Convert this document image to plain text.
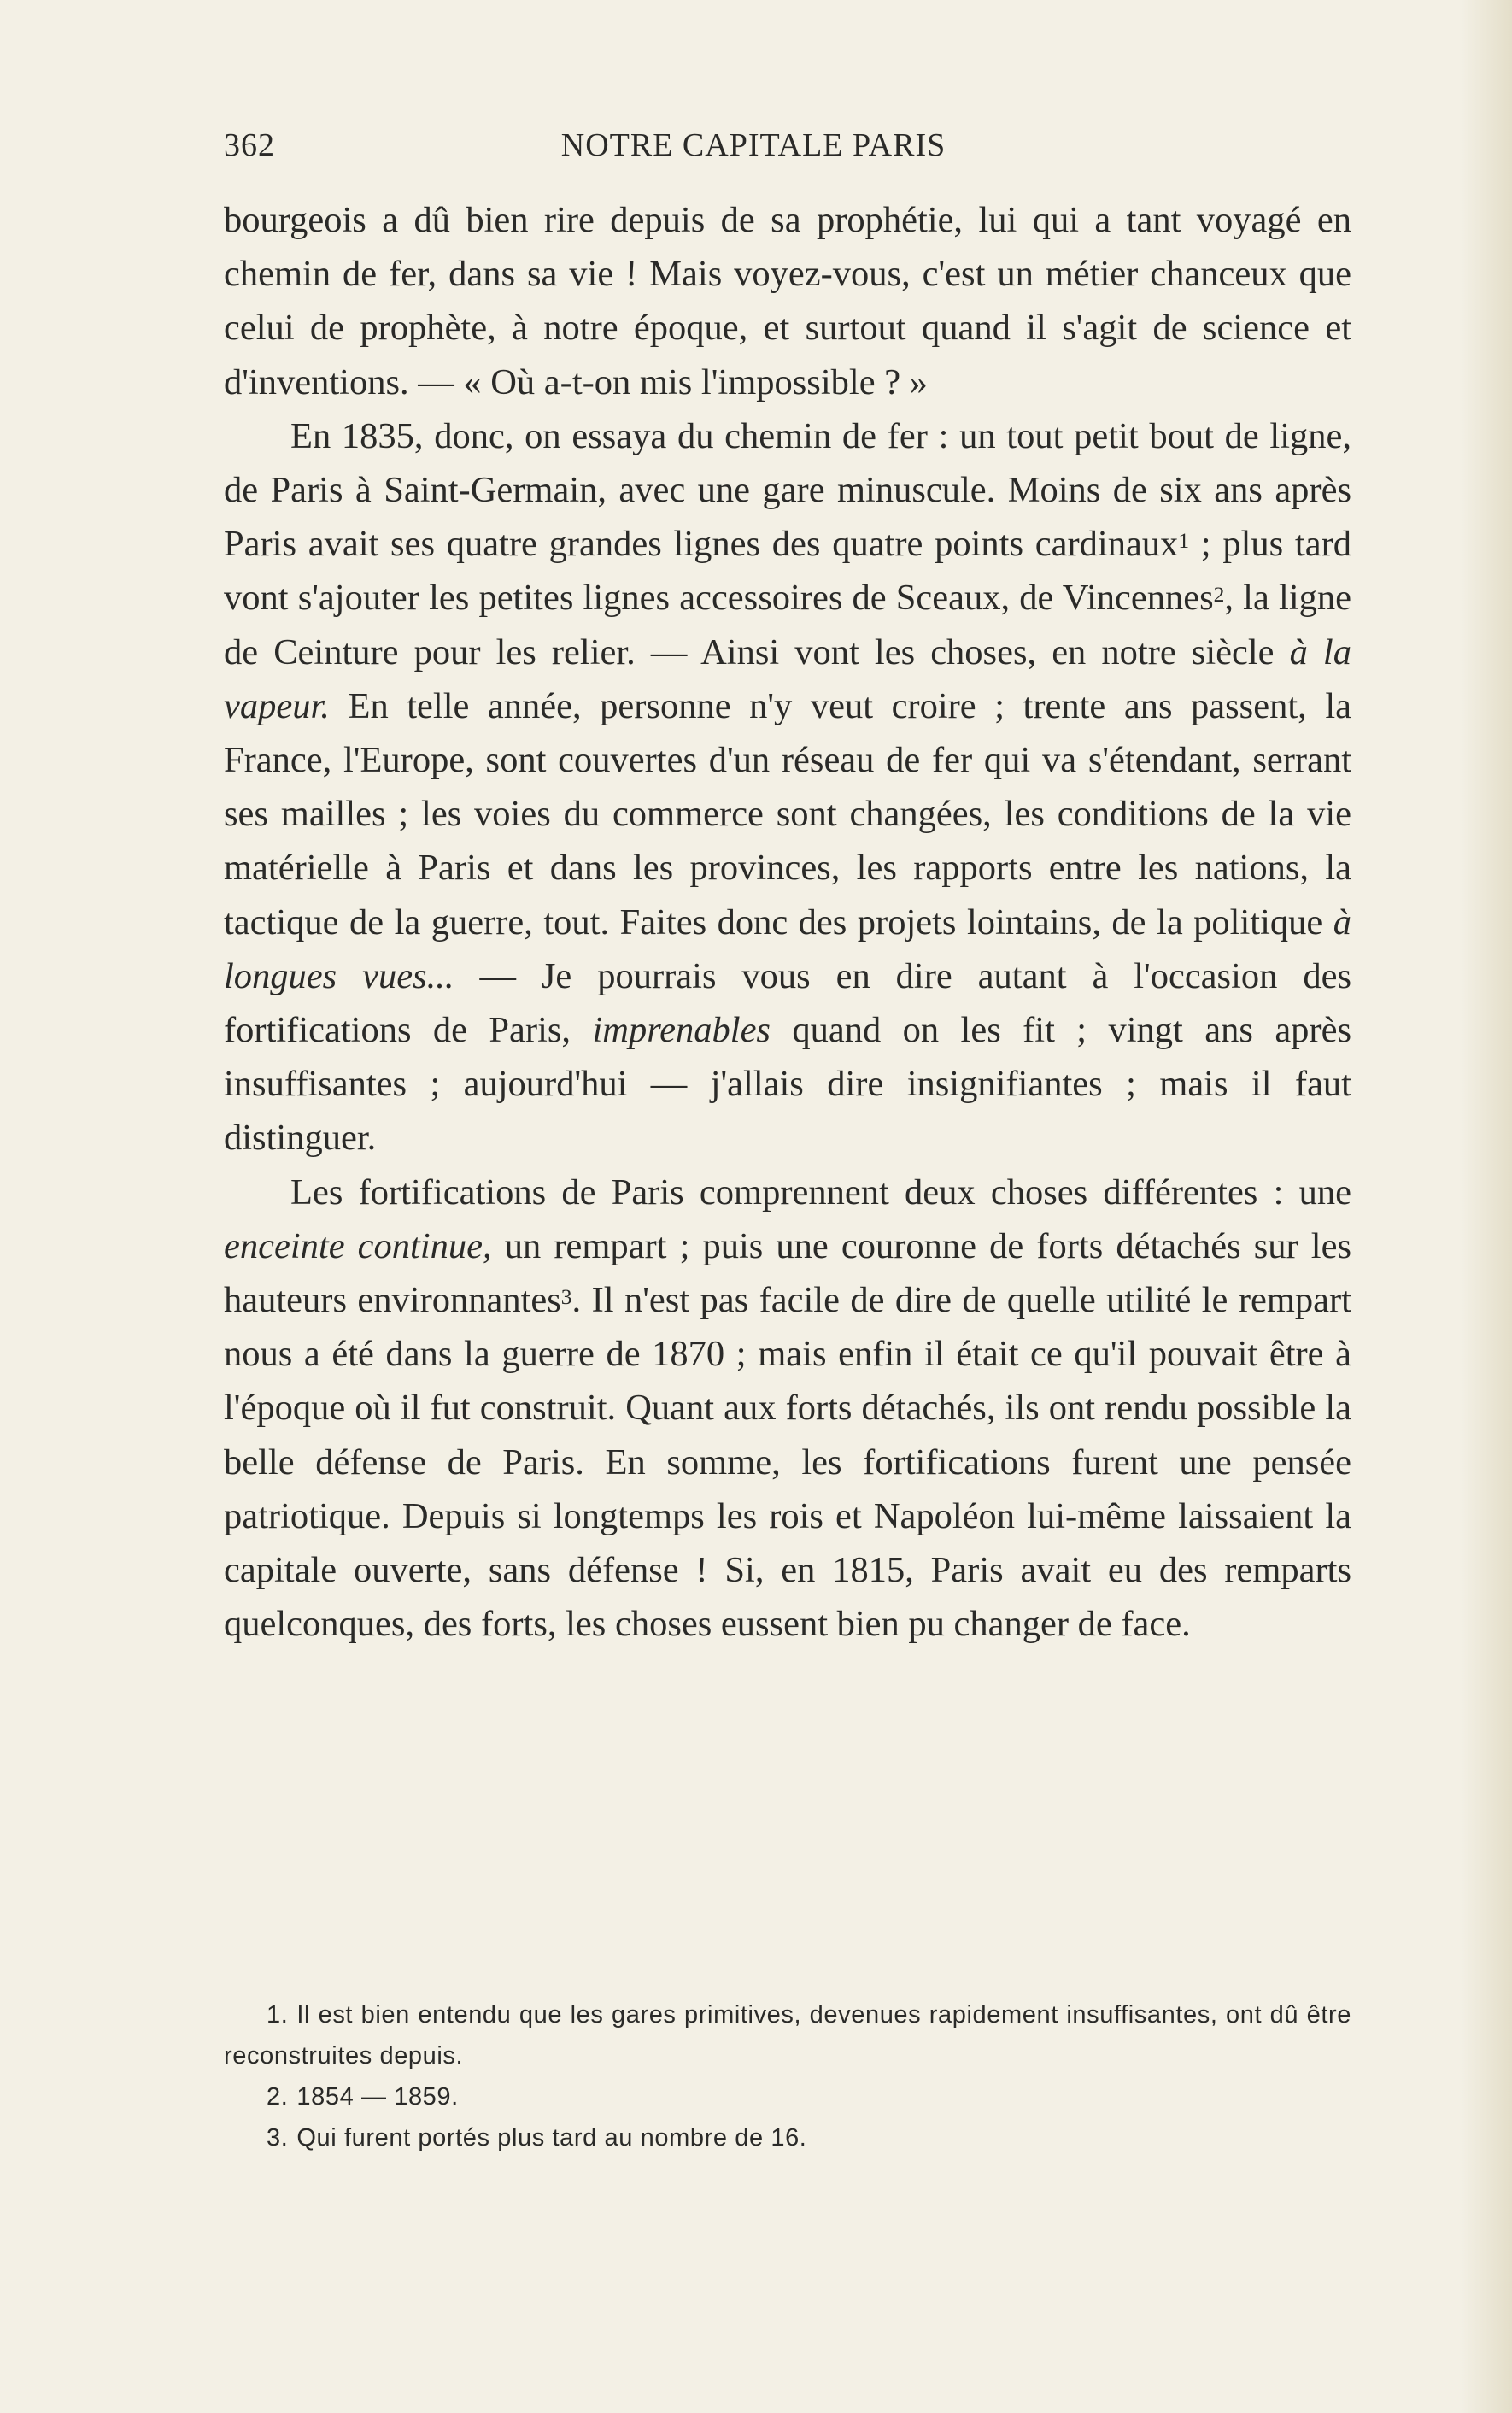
362	NOTRE CAPITALE PARIS

bourgeois a dû bien rire depuis de sa prophétie, lui qui a tant voyagé en chemin de fer, dans sa vie ! Mais voyez-vous, c'est un métier chanceux que celui de prophète, à notre époque, et surtout quand il s'agit de science et d'inventions. — « Où a-t-on mis l'impossible ? »

En 1835, donc, on essaya du chemin de fer : un tout petit bout de ligne, de Paris à Saint-Germain, avec une gare minuscule. Moins de six ans après Paris avait ses quatre grandes lignes des quatre points cardinaux$^1$ ; plus tard vont s'ajouter les petites lignes accessoires de Sceaux, de Vincennes$^2$, la ligne de Ceinture pour les relier. — Ainsi vont les choses, en notre siècle à la vapeur. En telle année, personne n'y veut croire ; trente ans passent, la France, l'Europe, sont couvertes d'un réseau de fer qui va s'étendant, serrant ses mailles ; les voies du commerce sont changées, les conditions de la vie matérielle à Paris et dans les provinces, les rapports entre les nations, la tactique de la guerre, tout. Faites donc des projets lointains, de la politique à longues vues... — Je pourrais vous en dire autant à l'occasion des fortifications de Paris, imprenables quand on les fit ; vingt ans après insuffisantes ; aujourd'hui — j'allais dire insignifiantes ; mais il faut distinguer.

Les fortifications de Paris comprennent deux choses différentes : une enceinte continue, un rempart ; puis une couronne de forts détachés sur les hauteurs environnantes$^3$. Il n'est pas facile de dire de quelle utilité le rempart nous a été dans la guerre de 1870 ; mais enfin il était ce qu'il pouvait être à l'époque où il fut construit. Quant aux forts détachés, ils ont rendu possible la belle défense de Paris. En somme, les fortifications furent une pensée patriotique. Depuis si longtemps les rois et Napoléon lui-même laissaient la capitale ouverte, sans défense ! Si, en 1815, Paris avait eu des remparts quelconques, des forts, les choses eussent bien pu changer de face.

1. Il est bien entendu que les gares primitives, devenues rapidement insuffisantes, ont dû être reconstruites depuis.

2. 1854 — 1859.

3. Qui furent portés plus tard au nombre de 16.
